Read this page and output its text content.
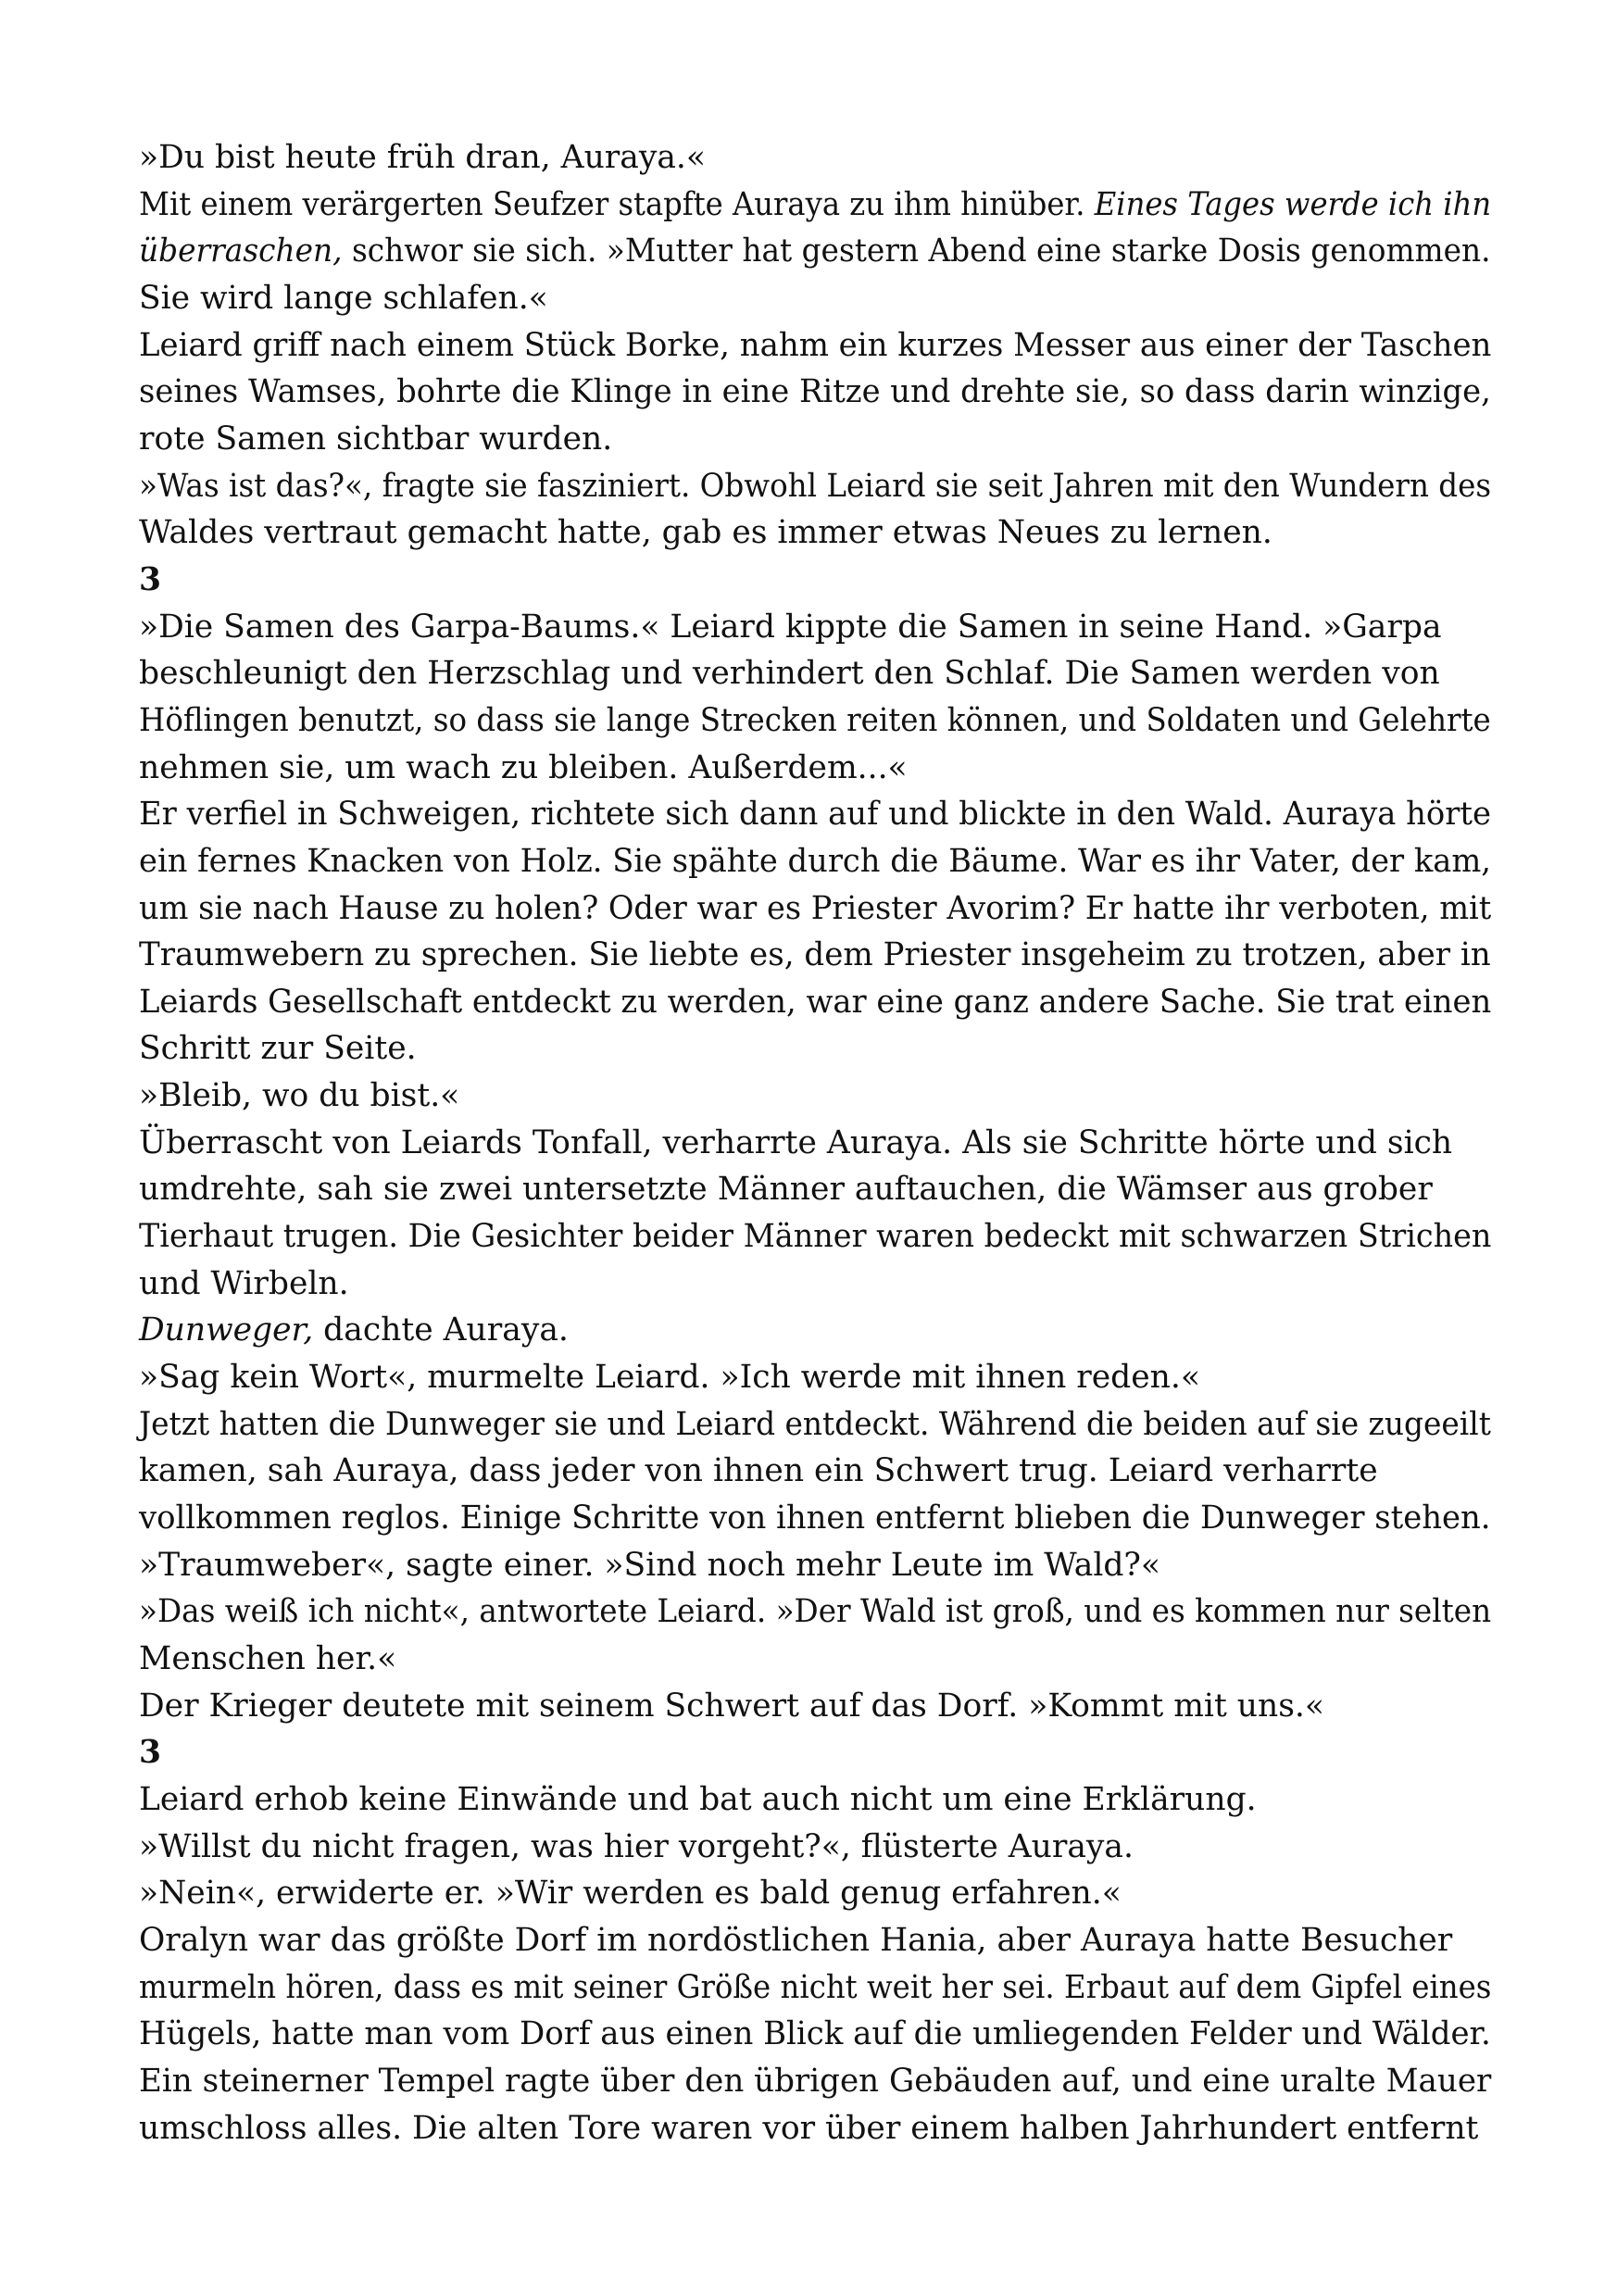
»Du bist heute früh dran, Auraya.«
Mit einem verärgerten Seufzer stapfte Auraya zu ihm hinüber. Eines Tages werde ich ihn
überraschen, schwor sie sich. »Mutter hat gestern Abend eine starke Dosis genommen.
Sie wird lange schlafen.«
Leiard griff nach einem Stück Borke, nahm ein kurzes Messer aus einer der Taschen
seines Wamses, bohrte die Klinge in eine Ritze und drehte sie, so dass darin winzige,
rote Samen sichtbar wurden.
»Was ist das?«, fragte sie fasziniert. Obwohl Leiard sie seit Jahren mit den Wundern des
Waldes vertraut gemacht hatte, gab es immer etwas Neues zu lernen.
3
»Die Samen des Garpa-Baums.« Leiard kippte die Samen in seine Hand. »Garpa
beschleunigt den Herzschlag und verhindert den Schlaf. Die Samen werden von
Höflingen benutzt, so dass sie lange Strecken reiten können, und Soldaten und Gelehrte
nehmen sie, um wach zu bleiben. Außerdem...«
Er verfiel in Schweigen, richtete sich dann auf und blickte in den Wald. Auraya hörte
ein fernes Knacken von Holz. Sie spähte durch die Bäume. War es ihr Vater, der kam,
um sie nach Hause zu holen? Oder war es Priester Avorim? Er hatte ihr verboten, mit
Traumwebern zu sprechen. Sie liebte es, dem Priester insgeheim zu trotzen, aber in
Leiards Gesellschaft entdeckt zu werden, war eine ganz andere Sache. Sie trat einen
Schritt zur Seite.
»Bleib, wo du bist.«
Überrascht von Leiards Tonfall, verharrte Auraya. Als sie Schritte hörte und sich
umdrehte, sah sie zwei untersetzte Männer auftauchen, die Wämser aus grober
Tierhaut trugen. Die Gesichter beider Männer waren bedeckt mit schwarzen Strichen
und Wirbeln.
Dunweger, dachte Auraya.
»Sag kein Wort«, murmelte Leiard. »Ich werde mit ihnen reden.«
Jetzt hatten die Dunweger sie und Leiard entdeckt. Während die beiden auf sie zugeeilt
kamen, sah Auraya, dass jeder von ihnen ein Schwert trug. Leiard verharrte
vollkommen reglos. Einige Schritte von ihnen entfernt blieben die Dunweger stehen.
»Traumweber«, sagte einer. »Sind noch mehr Leute im Wald?«
»Das weiß ich nicht«, antwortete Leiard. »Der Wald ist groß, und es kommen nur selten
Menschen her.«
Der Krieger deutete mit seinem Schwert auf das Dorf. »Kommt mit uns.«
3
Leiard erhob keine Einwände und bat auch nicht um eine Erklärung.
»Willst du nicht fragen, was hier vorgeht?«, flüsterte Auraya.
»Nein«, erwiderte er. »Wir werden es bald genug erfahren.«
Oralyn war das größte Dorf im nordöstlichen Hania, aber Auraya hatte Besucher
murmeln hören, dass es mit seiner Größe nicht weit her sei. Erbaut auf dem Gipfel eines
Hügels, hatte man vom Dorf aus einen Blick auf die umliegenden Felder und Wälder.
Ein steinerner Tempel ragte über den übrigen Gebäuden auf, und eine uralte Mauer
umschloss alles. Die alten Tore waren vor über einem halben Jahrhundert entfernt
